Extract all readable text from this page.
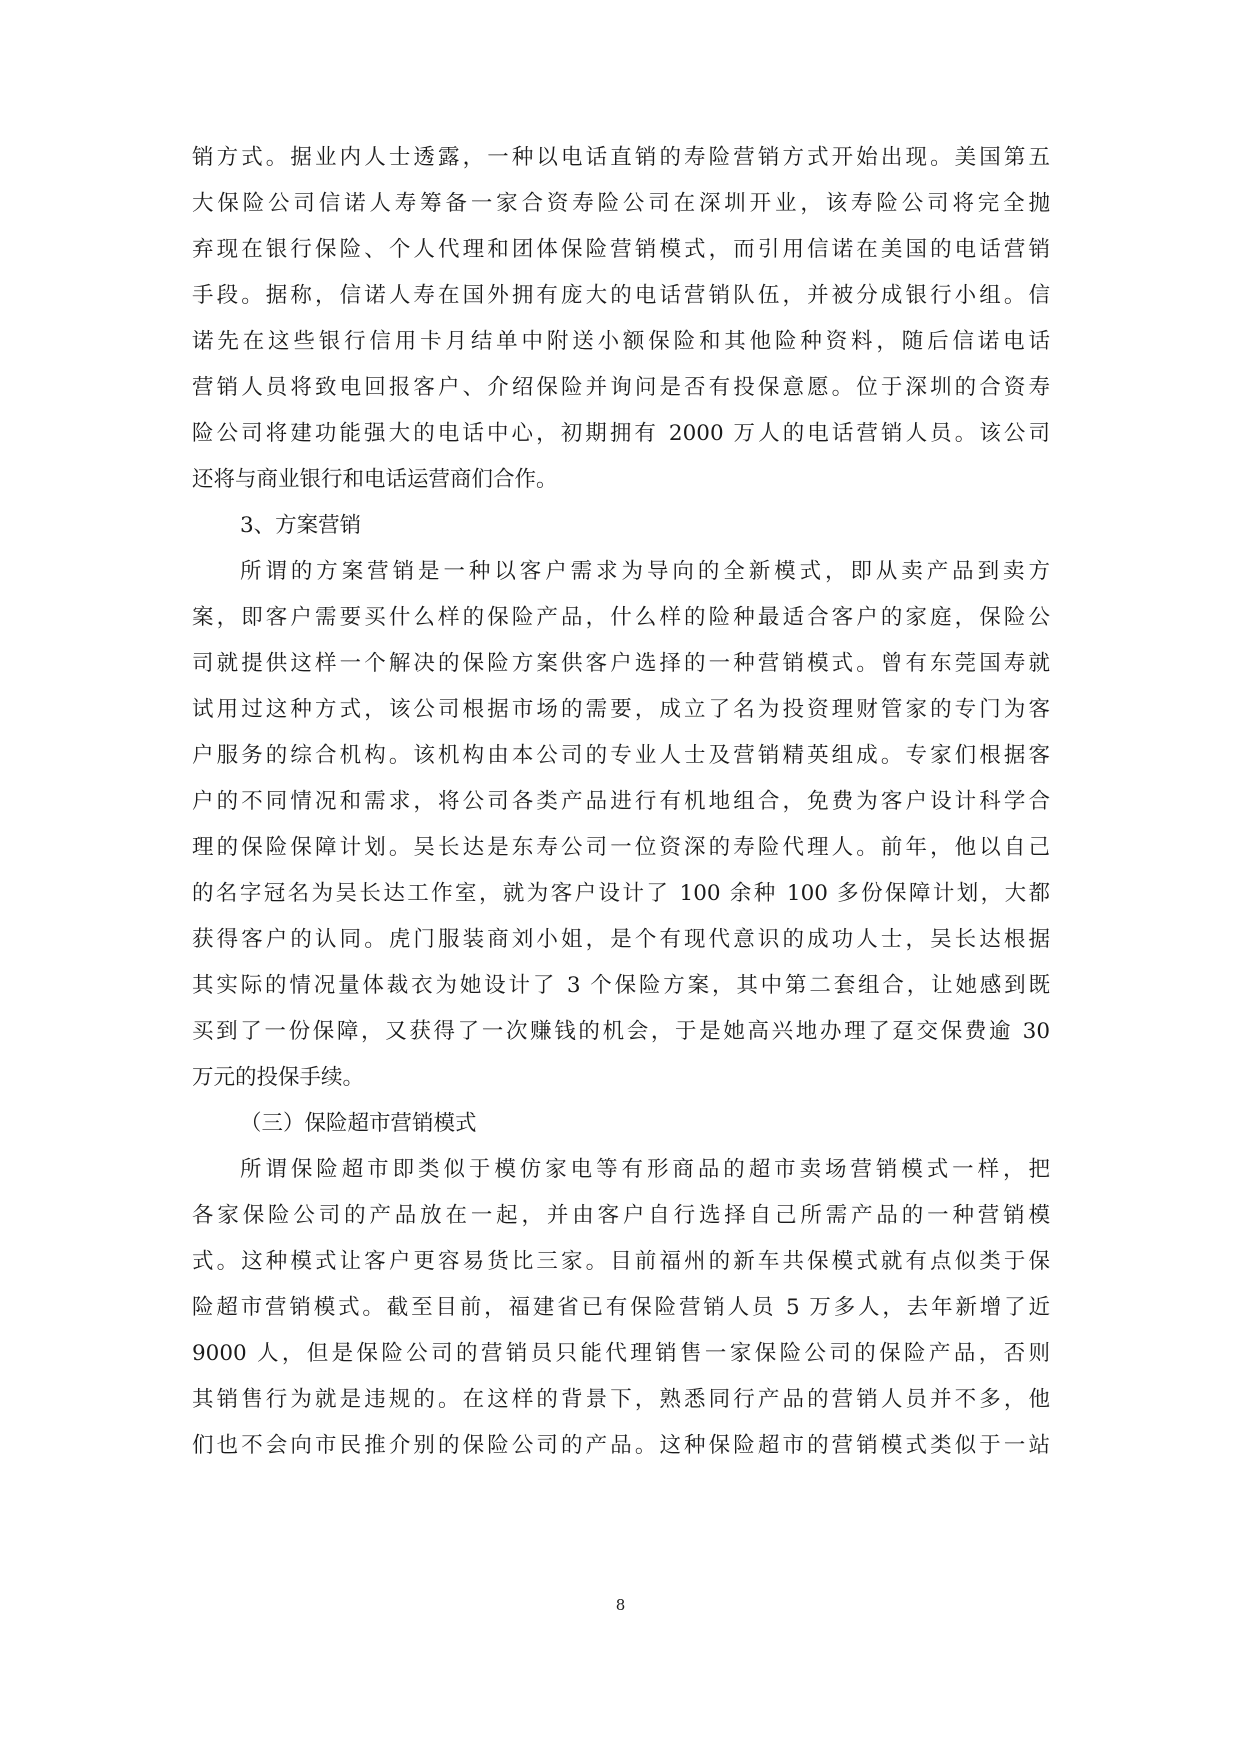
销方式。据业内人士透露，一种以电话直销的寿险营销方式开始出现。美国第五
大保险公司信诺人寿筹备一家合资寿险公司在深圳开业，该寿险公司将完全抛
弃现在银行保险、个人代理和团体保险营销模式，而引用信诺在美国的电话营销
手段。据称，信诺人寿在国外拥有庞大的电话营销队伍，并被分成银行小组。信
诺先在这些银行信用卡月结单中附送小额保险和其他险种资料，随后信诺电话
营销人员将致电回报客户、介绍保险并询问是否有投保意愿。位于深圳的合资寿
险公司将建功能强大的电话中心，初期拥有 2000 万人的电话营销人员。该公司
还将与商业银行和电话运营商们合作。
3、方案营销
所谓的方案营销是一种以客户需求为导向的全新模式，即从卖产品到卖方
案，即客户需要买什么样的保险产品，什么样的险种最适合客户的家庭，保险公
司就提供这样一个解决的保险方案供客户选择的一种营销模式。曾有东莞国寿就
试用过这种方式，该公司根据市场的需要，成立了名为投资理财管家的专门为客
户服务的综合机构。该机构由本公司的专业人士及营销精英组成。专家们根据客
户的不同情况和需求，将公司各类产品进行有机地组合，免费为客户设计科学合
理的保险保障计划。吴长达是东寿公司一位资深的寿险代理人。前年，他以自己
的名字冠名为吴长达工作室，就为客户设计了 100 余种 100 多份保障计划，大都
获得客户的认同。虎门服装商刘小姐，是个有现代意识的成功人士，吴长达根据
其实际的情况量体裁衣为她设计了 3 个保险方案，其中第二套组合，让她感到既
买到了一份保障，又获得了一次赚钱的机会，于是她高兴地办理了趸交保费逾 30
万元的投保手续。
（三）保险超市营销模式
所谓保险超市即类似于模仿家电等有形商品的超市卖场营销模式一样，把
各家保险公司的产品放在一起，并由客户自行选择自己所需产品的一种营销模
式。这种模式让客户更容易货比三家。目前福州的新车共保模式就有点似类于保
险超市营销模式。截至目前，福建省已有保险营销人员 5 万多人，去年新增了近
9000 人，但是保险公司的营销员只能代理销售一家保险公司的保险产品，否则
其销售行为就是违规的。在这样的背景下，熟悉同行产品的营销人员并不多，他
们也不会向市民推介别的保险公司的产品。这种保险超市的营销模式类似于一站
8
